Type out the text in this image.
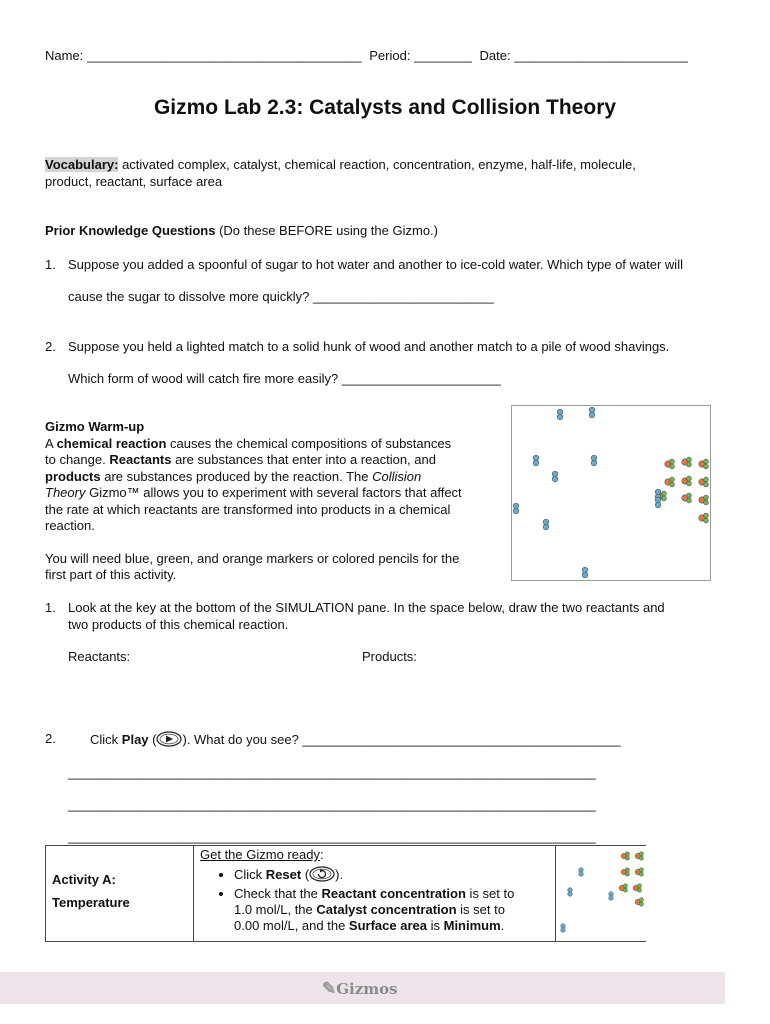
Name: ______________________________________ Period: ________ Date: ________________________
Gizmo Lab 2.3: Catalysts and Collision Theory
Vocabulary: activated complex, catalyst, chemical reaction, concentration, enzyme, half-life, molecule,
product, reactant, surface area
Prior Knowledge Questions (Do these BEFORE using the Gizmo.)
1. Suppose you added a spoonful of sugar to hot water and another to ice-cold water. Which type of water will
cause the sugar to dissolve more quickly? _________________________
2. Suppose you held a lighted match to a solid hunk of wood and another match to a pile of wood shavings.
Which form of wood will catch fire more easily? ______________________
Gizmo Warm-up
A chemical reaction causes the chemical compositions of substances
to change. Reactants are substances that enter into a reaction, and
products are substances produced by the reaction. The Collision
Theory Gizmo™ allows you to experiment with several factors that affect
the rate at which reactants are transformed into products in a chemical
reaction.

You will need blue, green, and orange markers or colored pencils for the
first part of this activity.
1. Look at the key at the bottom of the SIMULATION pane. In the space below, draw the two reactants and
two products of this chemical reaction.
Reactants:	Products:
2.	Click Play ( ). What do you see? ____________________________________________
_________________________________________________________________________
_________________________________________________________________________
_________________________________________________________________________
Activity A:
Temperature

Get the Gizmo ready:
• Click Reset ( ).
• Check that the Reactant concentration is set to
1.0 mol/L, the Catalyst concentration is set to
0.00 mol/L, and the Surface area is Minimum.

✎Gizmos
